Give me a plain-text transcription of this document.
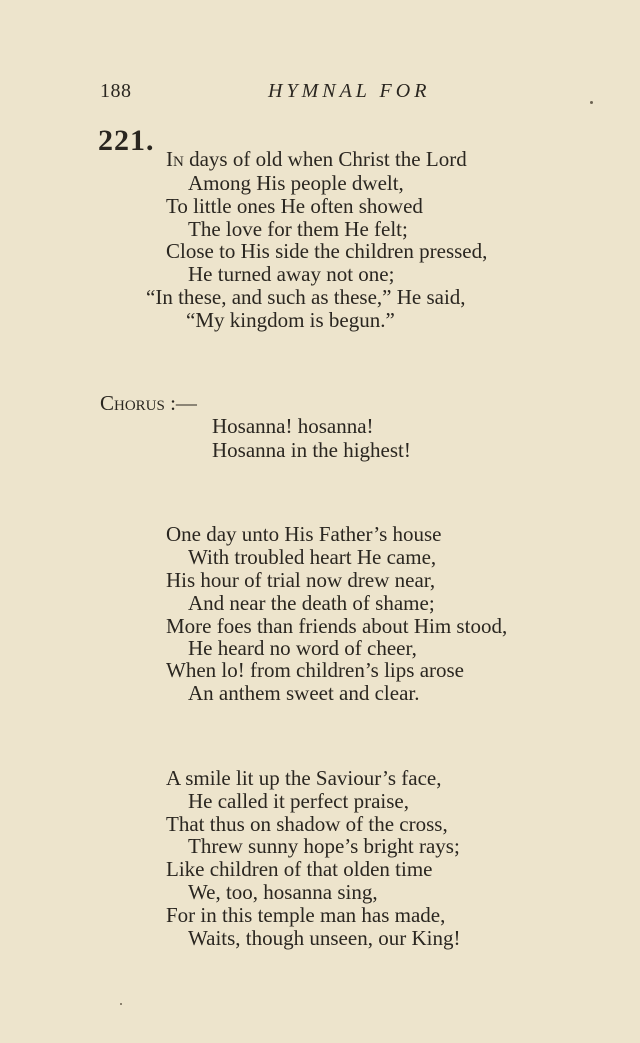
188	HYMNAL FOR
221.
In days of old when Christ the Lord
Among His people dwelt,
To little ones He often showed
The love for them He felt;
Close to His side the children pressed,
He turned away not one;
“In these, and such as these,” He said,
“My kingdom is begun.”
Chorus :—
Hosanna! hosanna!
Hosanna in the highest!
One day unto His Father’s house
With troubled heart He came,
His hour of trial now drew near,
And near the death of shame;
More foes than friends about Him stood,
He heard no word of cheer,
When lo! from children’s lips arose
An anthem sweet and clear.
A smile lit up the Saviour’s face,
He called it perfect praise,
That thus on shadow of the cross,
Threw sunny hope’s bright rays;
Like children of that olden time
We, too, hosanna sing,
For in this temple man has made,
Waits, though unseen, our King!
